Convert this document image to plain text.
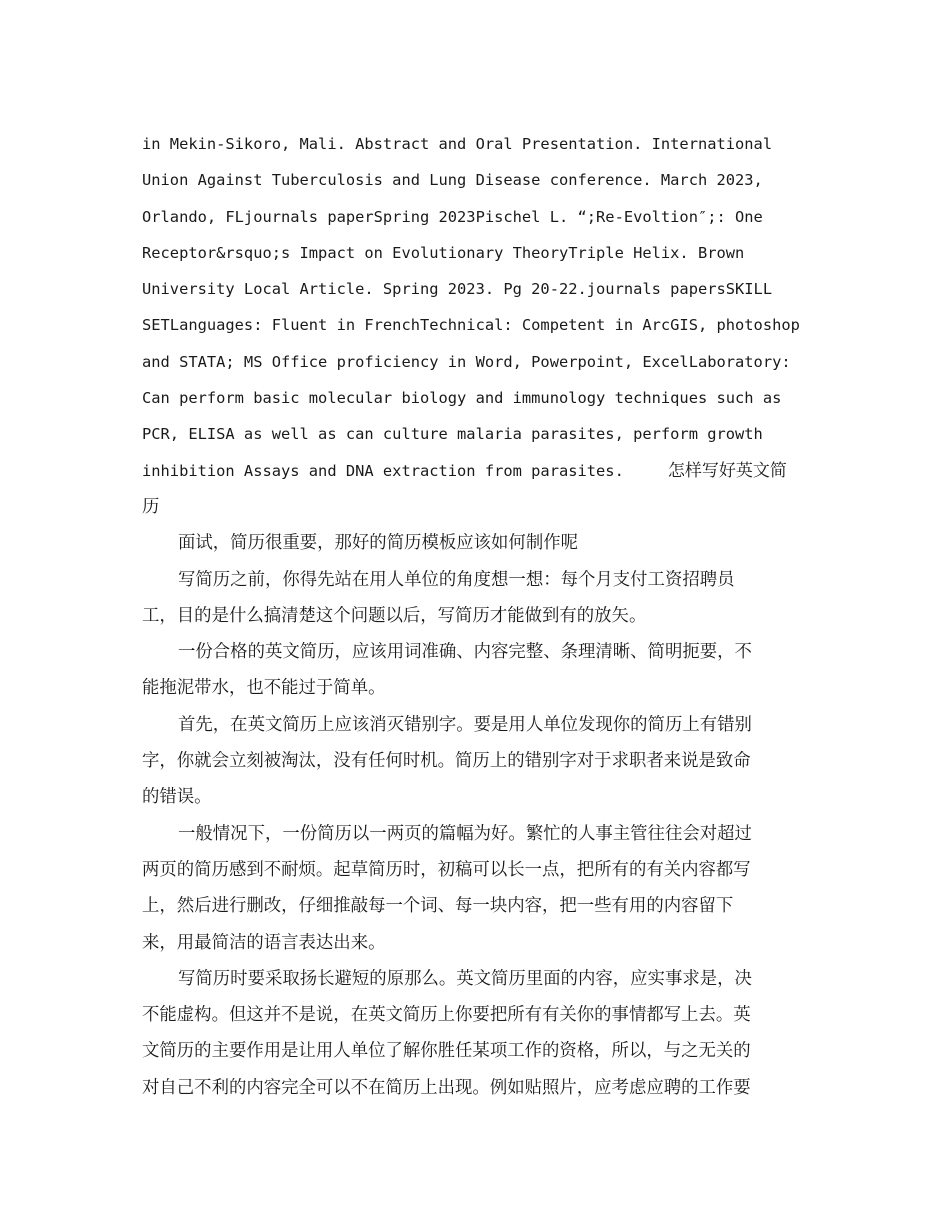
in Mekin-Sikoro, Mali. Abstract and Oral Presentation. International
Union Against Tuberculosis and Lung Disease conference. March 2023,
Orlando, FLjournals paperSpring 2023Pischel L. “;Re-Evoltion″;: One
Receptor&rsquo;s Impact on Evolutionary TheoryTriple Helix. Brown
University Local Article. Spring 2023. Pg 20-22.journals papersSKILL
SETLanguages: Fluent in FrenchTechnical: Competent in ArcGIS, photoshop
and STATA; MS Office proficiency in Word, Powerpoint, ExcelLaboratory:
Can perform basic molecular biology and immunology techniques such as
PCR, ELISA as well as can culture malaria parasites, perform growth
inhibition Assays and DNA extraction from parasites.	怎样写好英文简
历
面试，简历很重要，那好的简历模板应该如何制作呢
写简历之前，你得先站在用人单位的角度想一想：每个月支付工资招聘员
工，目的是什么搞清楚这个问题以后，写简历才能做到有的放矢。
一份合格的英文简历，应该用词准确、内容完整、条理清晰、简明扼要，不
能拖泥带水，也不能过于简单。
首先，在英文简历上应该消灭错别字。要是用人单位发现你的简历上有错别
字，你就会立刻被淘汰，没有任何时机。简历上的错别字对于求职者来说是致命
的错误。
一般情况下，一份简历以一两页的篇幅为好。繁忙的人事主管往往会对超过
两页的简历感到不耐烦。起草简历时，初稿可以长一点，把所有的有关内容都写
上，然后进行删改，仔细推敲每一个词、每一块内容，把一些有用的内容留下
来，用最简洁的语言表达出来。
写简历时要采取扬长避短的原那么。英文简历里面的内容，应实事求是，决
不能虚构。但这并不是说，在英文简历上你要把所有有关你的事情都写上去。英
文简历的主要作用是让用人单位了解你胜任某项工作的资格，所以，与之无关的
对自己不利的内容完全可以不在简历上出现。例如贴照片，应考虑应聘的工作要
